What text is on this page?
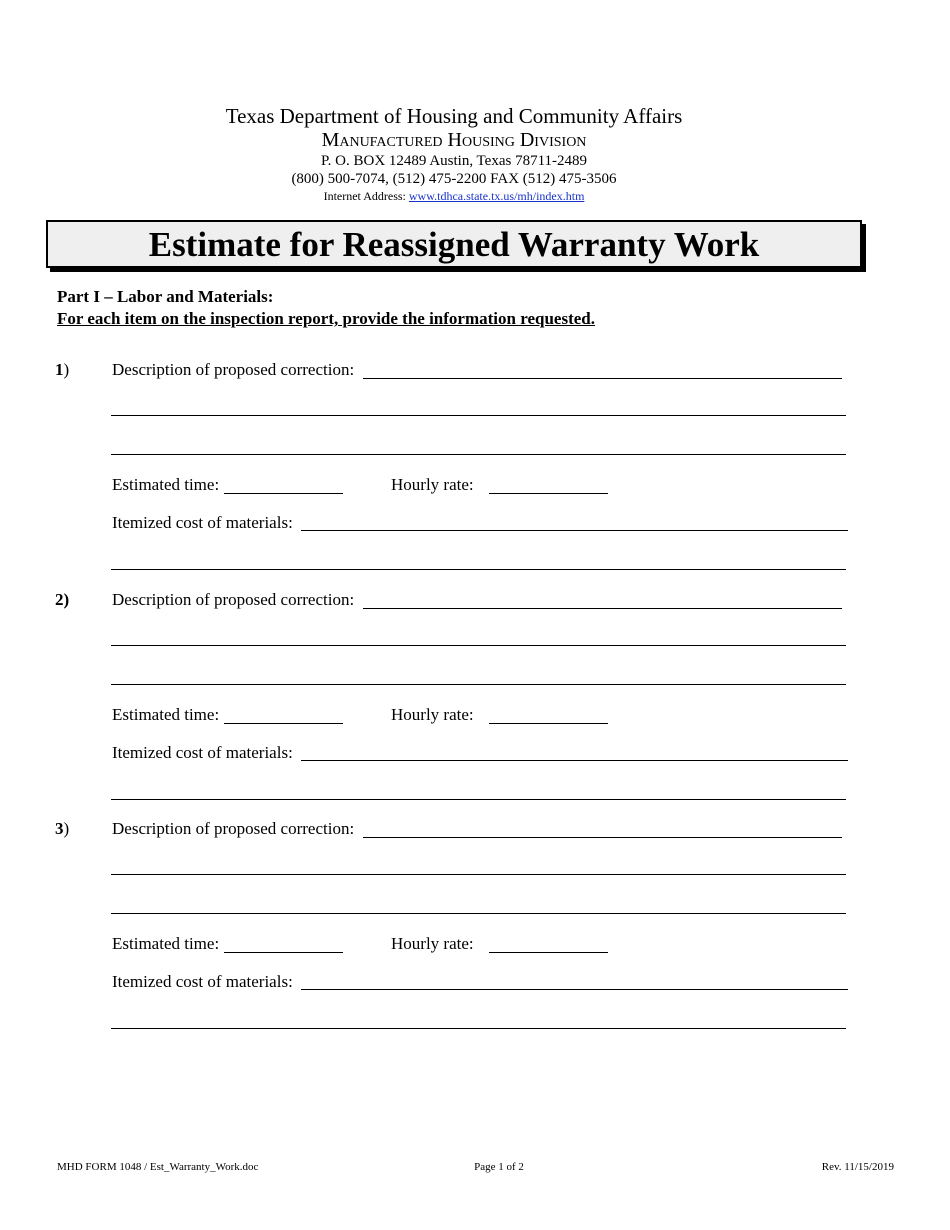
Texas Department of Housing and Community Affairs
Manufactured Housing Division
P. O. BOX 12489 Austin, Texas 78711-2489
(800) 500-7074, (512) 475-2200 FAX (512) 475-3506
Internet Address: www.tdhca.state.tx.us/mh/index.htm
Estimate for Reassigned Warranty Work
Part I – Labor and Materials:
For each item on the inspection report, provide the information requested.
1)	Description of proposed correction:
Estimated time:	Hourly rate:
Itemized cost of materials:
2)	Description of proposed correction:
Estimated time:	Hourly rate:
Itemized cost of materials:
3)	Description of proposed correction:
Estimated time:	Hourly rate:
Itemized cost of materials:
MHD FORM 1048 / Est_Warranty_Work.doc	Page 1 of 2	Rev. 11/15/2019
